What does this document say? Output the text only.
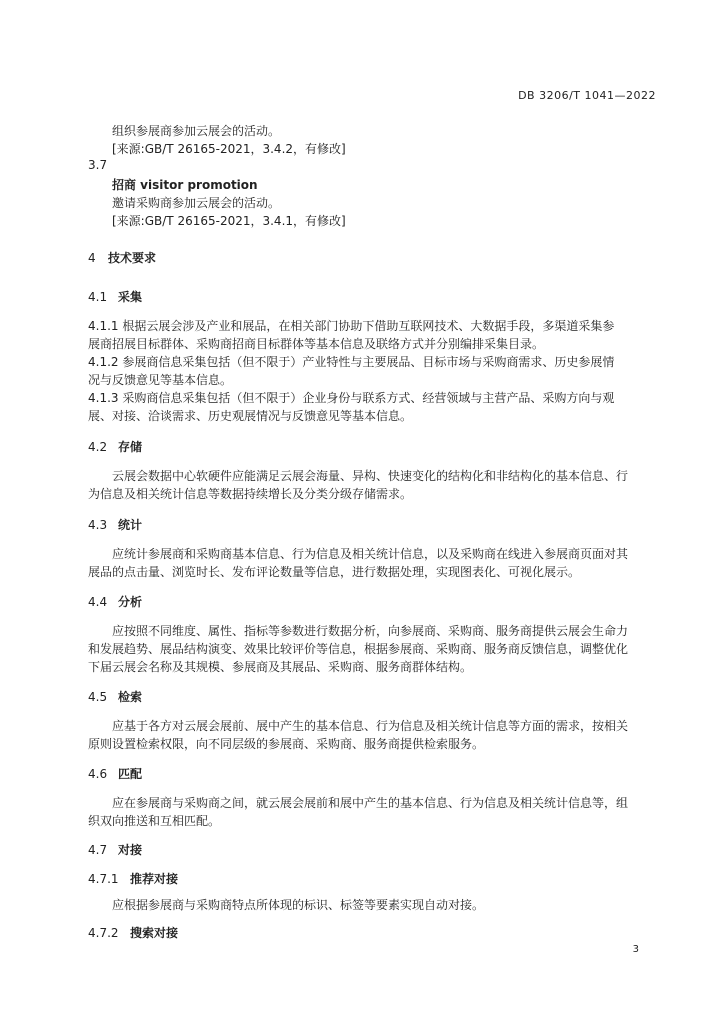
DB 3206/T 1041—2022
组织参展商参加云展会的活动。
[来源:GB/T 26165-2021，3.4.2，有修改]
3.7
招商 visitor promotion
邀请采购商参加云展会的活动。
[来源:GB/T 26165-2021，3.4.1，有修改]
4 技术要求
4.1 采集
4.1.1 根据云展会涉及产业和展品，在相关部门协助下借助互联网技术、大数据手段，多渠道采集参
展商招展目标群体、采购商招商目标群体等基本信息及联络方式并分别编排采集目录。
4.1.2 参展商信息采集包括（但不限于）产业特性与主要展品、目标市场与采购商需求、历史参展情
况与反馈意见等基本信息。
4.1.3 采购商信息采集包括（但不限于）企业身份与联系方式、经营领域与主营产品、采购方向与观
展、对接、洽谈需求、历史观展情况与反馈意见等基本信息。
4.2 存储
云展会数据中心软硬件应能满足云展会海量、异构、快速变化的结构化和非结构化的基本信息、行
为信息及相关统计信息等数据持续增长及分类分级存储需求。
4.3 统计
应统计参展商和采购商基本信息、行为信息及相关统计信息，以及采购商在线进入参展商页面对其
展品的点击量、浏览时长、发布评论数量等信息，进行数据处理，实现图表化、可视化展示。
4.4 分析
应按照不同维度、属性、指标等参数进行数据分析，向参展商、采购商、服务商提供云展会生命力
和发展趋势、展品结构演变、效果比较评价等信息，根据参展商、采购商、服务商反馈信息，调整优化
下届云展会名称及其规模、参展商及其展品、采购商、服务商群体结构。
4.5 检索
应基于各方对云展会展前、展中产生的基本信息、行为信息及相关统计信息等方面的需求，按相关
原则设置检索权限，向不同层级的参展商、采购商、服务商提供检索服务。
4.6 匹配
应在参展商与采购商之间，就云展会展前和展中产生的基本信息、行为信息及相关统计信息等，组
织双向推送和互相匹配。
4.7 对接
4.7.1 推荐对接
应根据参展商与采购商特点所体现的标识、标签等要素实现自动对接。
4.7.2 搜索对接
3
